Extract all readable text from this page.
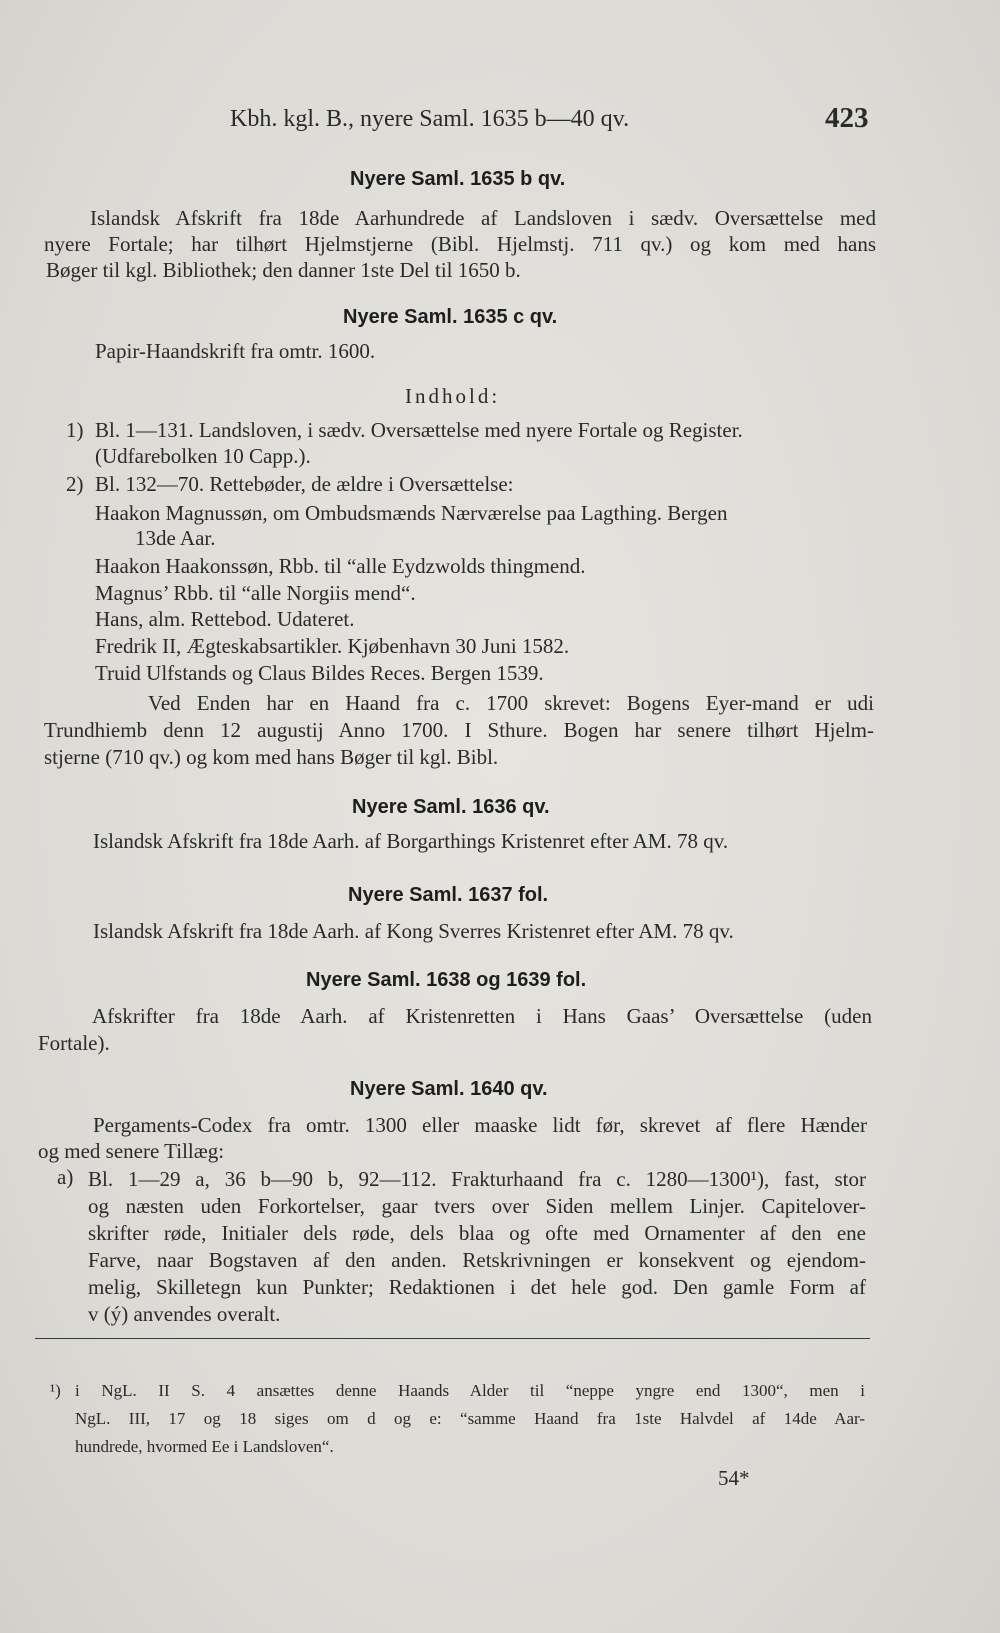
Kbh. kgl. B., nyere Saml. 1635 b—40 qv.	423
Nyere Saml. 1635 b qv.
Islandsk Afskrift fra 18de Aarhundrede af Landsloven i sædv. Oversættelse med
nyere Fortale; har tilhørt Hjelmstjerne (Bibl. Hjelmstj. 711 qv.) og kom med hans
Bøger til kgl. Bibliothek; den danner 1ste Del til 1650 b.
Nyere Saml. 1635 c qv.
Papir-Haandskrift fra omtr. 1600.
Indhold:
1) Bl. 1—131. Landsloven, i sædv. Oversættelse med nyere Fortale og Register.
(Udfarebolken 10 Capp.).
2) Bl. 132—70. Rettebøder, de ældre i Oversættelse:
Haakon Magnussøn, om Ombudsmænds Nærværelse paa Lagthing. Bergen
13de Aar.
Haakon Haakonssøn, Rbb. til “alle Eydzwolds thingmend.
Magnus’ Rbb. til “alle Norgiis mend“.
Hans, alm. Rettebod. Udateret.
Fredrik II, Ægteskabsartikler. Kjøbenhavn 30 Juni 1582.
Truid Ulfstands og Claus Bildes Reces. Bergen 1539.
Ved Enden har en Haand fra c. 1700 skrevet: Bogens Eyer-mand er udi
Trundhiemb denn 12 augustij Anno 1700. I Sthure. Bogen har senere tilhørt Hjelm-
stjerne (710 qv.) og kom med hans Bøger til kgl. Bibl.
Nyere Saml. 1636 qv.
Islandsk Afskrift fra 18de Aarh. af Borgarthings Kristenret efter AM. 78 qv.
Nyere Saml. 1637 fol.
Islandsk Afskrift fra 18de Aarh. af Kong Sverres Kristenret efter AM. 78 qv.
Nyere Saml. 1638 og 1639 fol.
Afskrifter fra 18de Aarh. af Kristenretten i Hans Gaas’ Oversættelse (uden
Fortale).
Nyere Saml. 1640 qv.
Pergaments-Codex fra omtr. 1300 eller maaske lidt før, skrevet af flere Hænder
og med senere Tillæg:
a) Bl. 1—29 a, 36 b—90 b, 92—112. Frakturhaand fra c. 1280—1300¹), fast, stor
og næsten uden Forkortelser, gaar tvers over Siden mellem Linjer. Capitelover-
skrifter røde, Initialer dels røde, dels blaa og ofte med Ornamenter af den ene
Farve, naar Bogstaven af den anden. Retskrivningen er konsekvent og ejendom-
melig, Skilletegn kun Punkter; Redaktionen i det hele god. Den gamle Form af
v (ý) anvendes overalt.
¹) i NgL. II S. 4 ansættes denne Haands Alder til “neppe yngre end 1300“, men i
NgL. III, 17 og 18 siges om d og e: “samme Haand fra 1ste Halvdel af 14de Aar-
hundrede, hvormed Ee i Landsloven“.
54*
